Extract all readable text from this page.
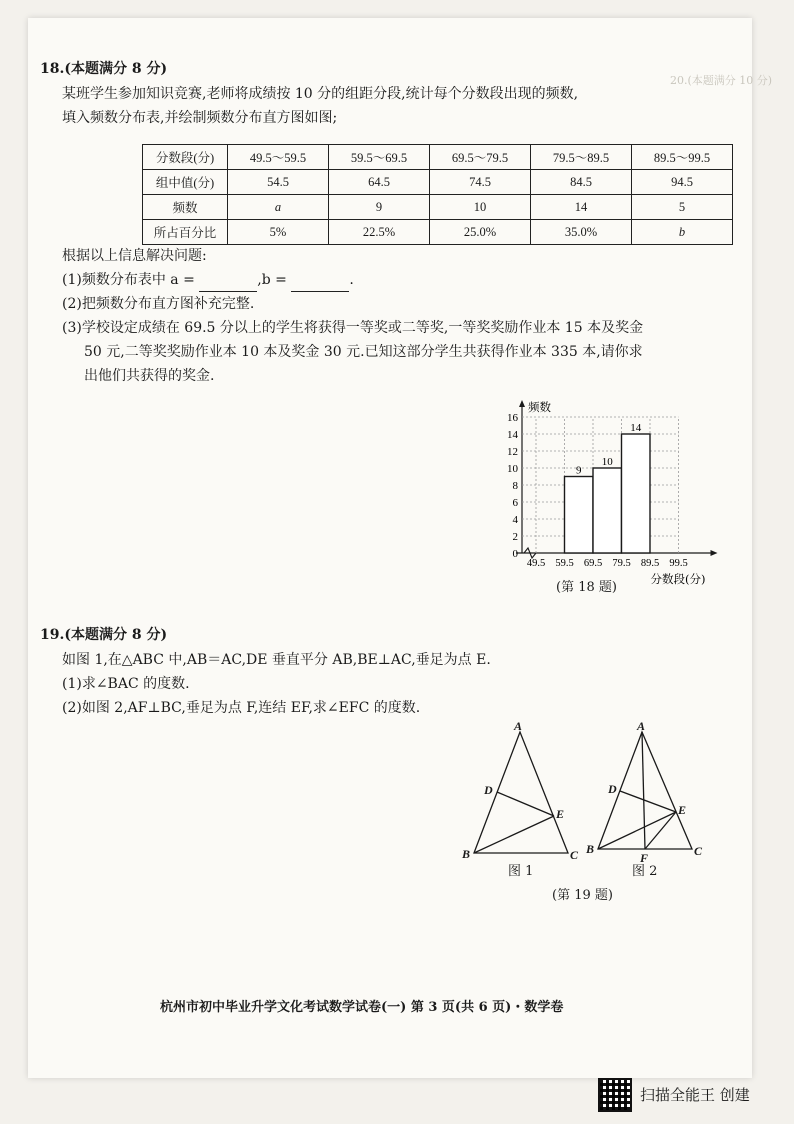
20.(本题满分 10 分)
18.(本题满分 8 分)
某班学生参加知识竞赛,老师将成绩按 10 分的组距分段,统计每个分数段出现的频数,
填入频数分布表,并绘制频数分布直方图如图;
分数段(分)	49.5～59.5	59.5～69.5	69.5～79.5	79.5～89.5	89.5～99.5
组中值(分)	54.5	64.5	74.5	84.5	94.5
频数	a	9	10	14	5
所占百分比	5%	22.5%	25.0%	35.0%	b
根据以上信息解决问题:
(1)频数分布表中 a =	,b =	.
(2)把频数分布直方图补充完整.
(3)学校设定成绩在 69.5 分以上的学生将获得一等奖或二等奖,一等奖奖励作业本 15 本及奖金
50 元,二等奖奖励作业本 10 本及奖金 30 元.已知这部分学生共获得作业本 335 本,请你求
出他们共获得的奖金.
0
2
4
6
8
10
12
14
16
9
10
14
49.5 59.5 69.5 79.5 89.5 99.5
频数
分数段(分)
(第 18 题)
19.(本题满分 8 分)
如图 1,在△ABC 中,AB＝AC,DE 垂直平分 AB,BE⊥AC,垂足为点 E.
(1)求∠BAC 的度数.
(2)如图 2,AF⊥BC,垂足为点 F,连结 EF,求∠EFC 的度数.
A
B	C
D
E
图 1
A
B	C
D
E
F
图 2
(第 19 题)
杭州市初中毕业升学文化考试数学试卷(一) 第 3 页(共 6 页)・数学卷
扫描全能王 创建
